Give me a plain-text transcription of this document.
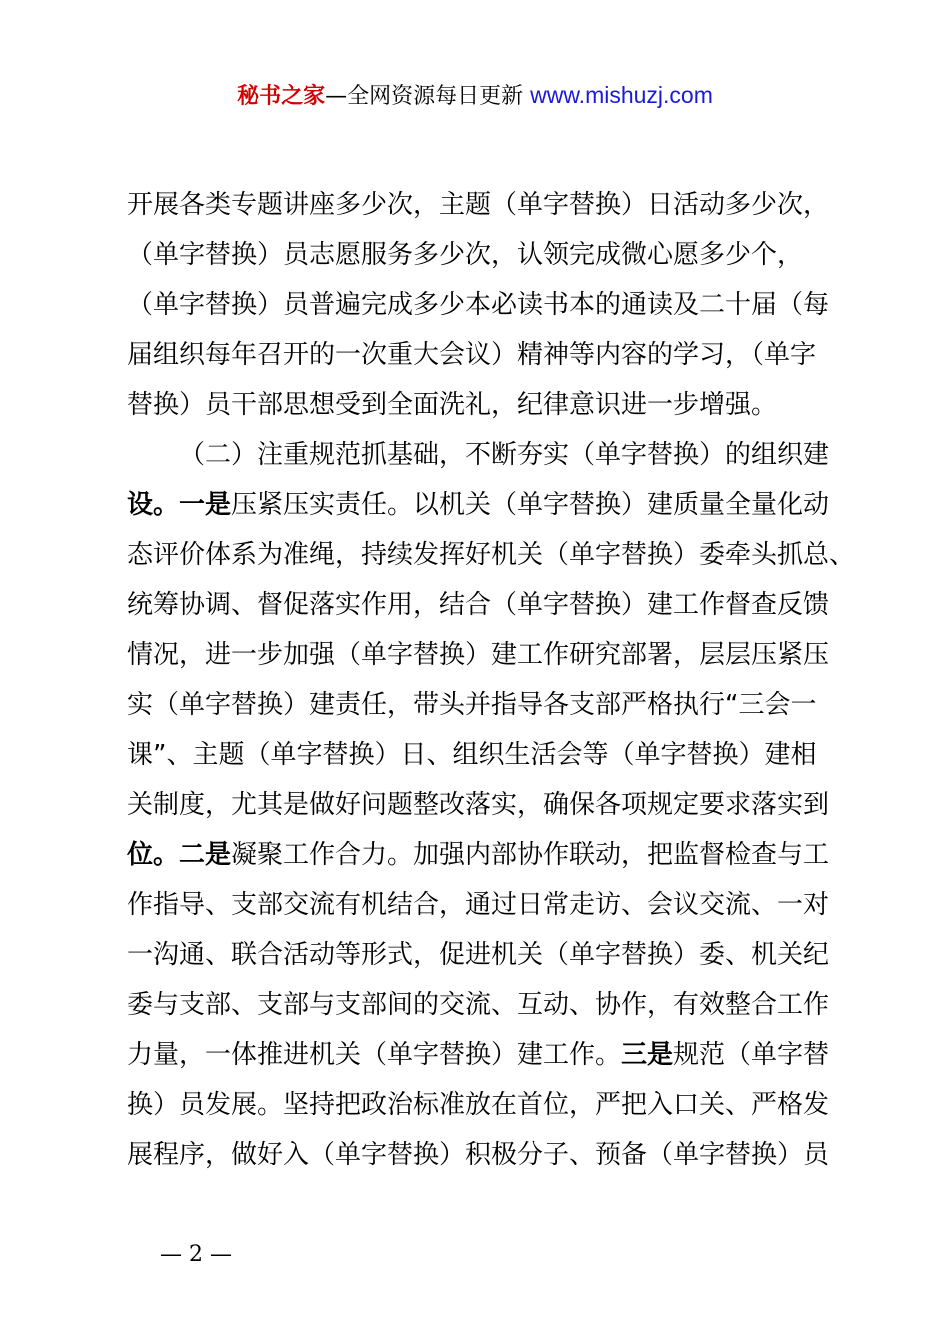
秘书之家—全网资源每日更新 www.mishuzj.com
开展各类专题讲座多少次，主题（单字替换）日活动多少次，
（单字替换）员志愿服务多少次，认领完成微心愿多少个，
（单字替换）员普遍完成多少本必读书本的通读及二十届（每
届组织每年召开的一次重大会议）精神等内容的学习，（单字
替换）员干部思想受到全面洗礼，纪律意识进一步增强。
（二）注重规范抓基础，不断夯实（单字替换）的组织建
设。一是压紧压实责任。以机关（单字替换）建质量全量化动
态评价体系为准绳，持续发挥好机关（单字替换）委牵头抓总、
统筹协调、督促落实作用，结合（单字替换）建工作督查反馈
情况，进一步加强（单字替换）建工作研究部署，层层压紧压
实（单字替换）建责任，带头并指导各支部严格执行“三会一
课”、主题（单字替换）日、组织生活会等（单字替换）建相
关制度，尤其是做好问题整改落实，确保各项规定要求落实到
位。二是凝聚工作合力。加强内部协作联动，把监督检查与工
作指导、支部交流有机结合，通过日常走访、会议交流、一对
一沟通、联合活动等形式，促进机关（单字替换）委、机关纪
委与支部、支部与支部间的交流、互动、协作，有效整合工作
力量，一体推进机关（单字替换）建工作。三是规范（单字替
换）员发展。坚持把政治标准放在首位，严把入口关、严格发
展程序，做好入（单字替换）积极分子、预备（单字替换）员
— 2 —
